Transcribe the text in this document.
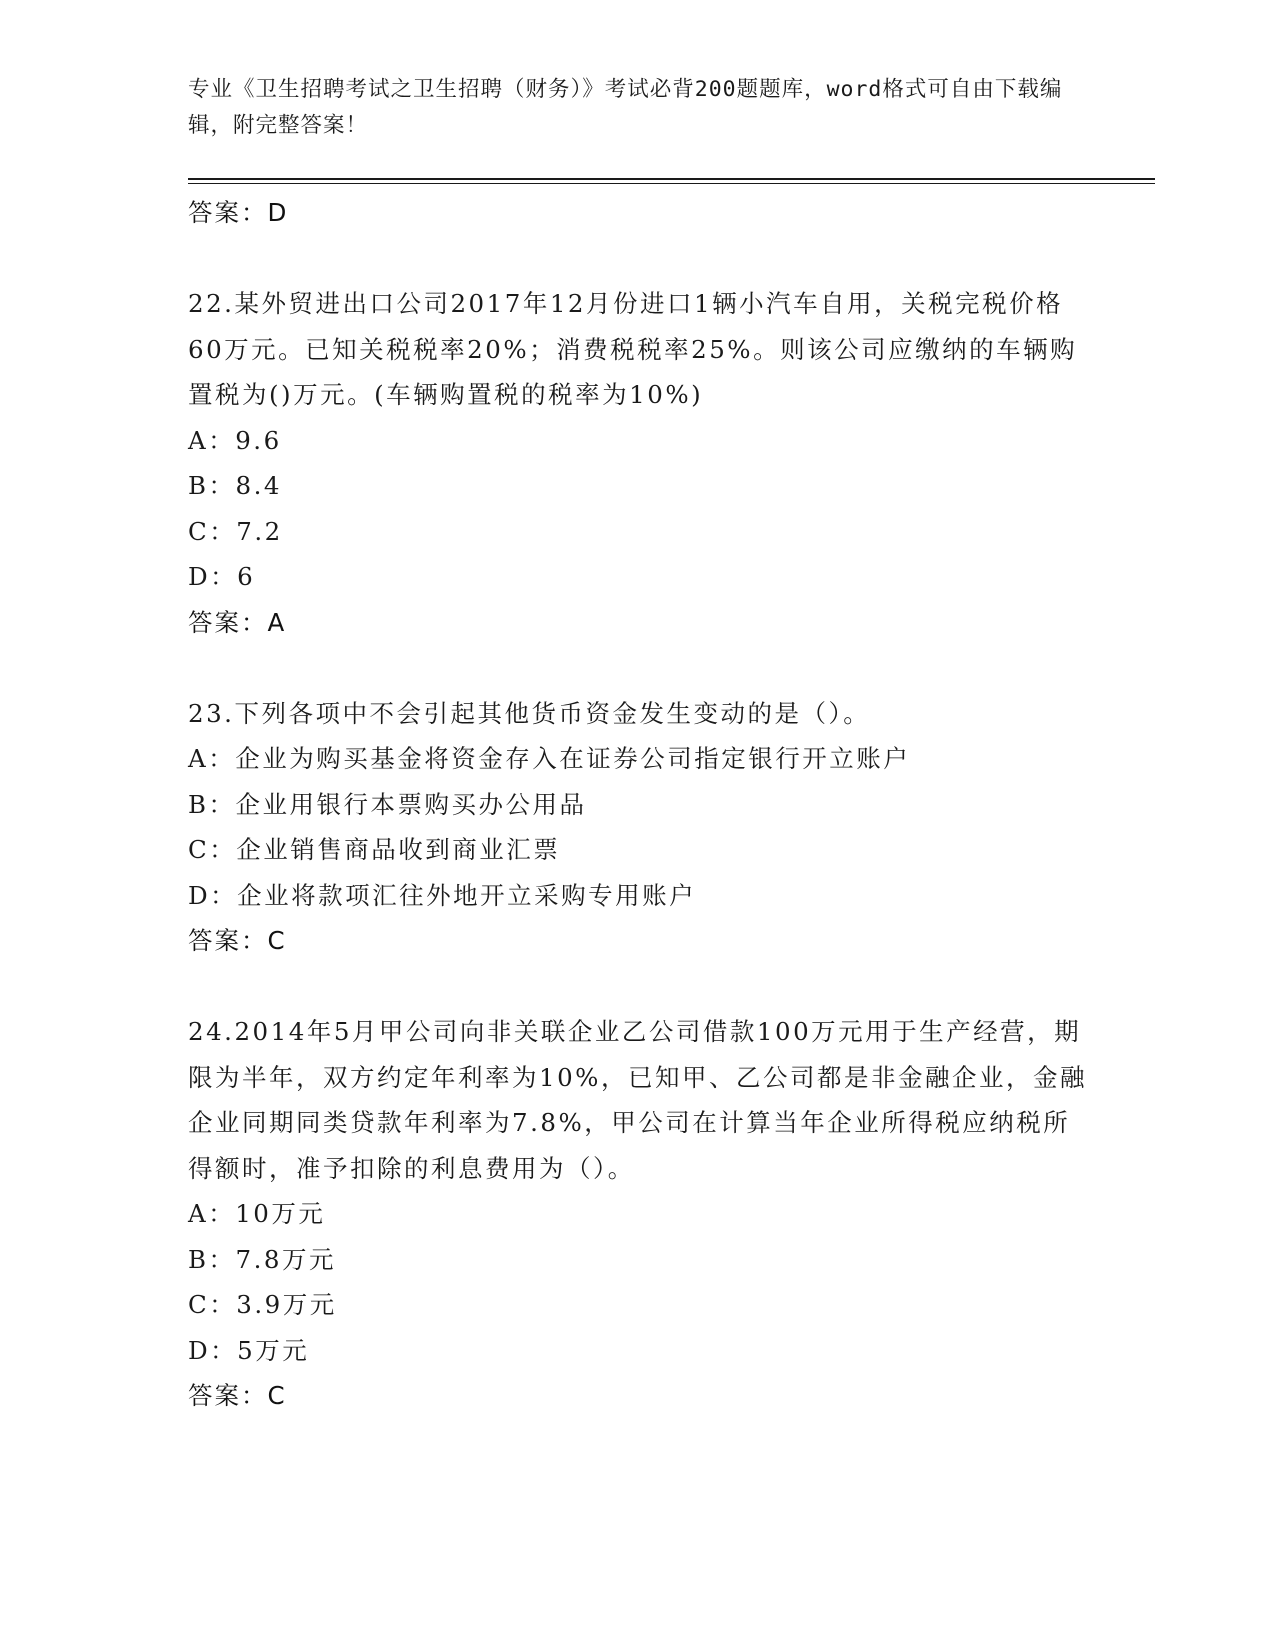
专业《卫生招聘考试之卫生招聘（财务）》考试必背200题题库，word格式可自由下载编辑，附完整答案！
答案：D

22.某外贸进出口公司2017年12月份进口1辆小汽车自用，关税完税价格60万元。已知关税税率20%；消费税税率25%。则该公司应缴纳的车辆购置税为()万元。(车辆购置税的税率为10%)

A：9.6
B：8.4
C：7.2
D：6
答案：A

23.下列各项中不会引起其他货币资金发生变动的是（）。

A：企业为购买基金将资金存入在证券公司指定银行开立账户
B：企业用银行本票购买办公用品
C：企业销售商品收到商业汇票
D：企业将款项汇往外地开立采购专用账户
答案：C

24.2014年5月甲公司向非关联企业乙公司借款100万元用于生产经营，期限为半年，双方约定年利率为10%，已知甲、乙公司都是非金融企业，金融企业同期同类贷款年利率为7.8%，甲公司在计算当年企业所得税应纳税所得额时，准予扣除的利息费用为（）。

A：10万元
B：7.8万元
C：3.9万元
D：5万元
答案：C
